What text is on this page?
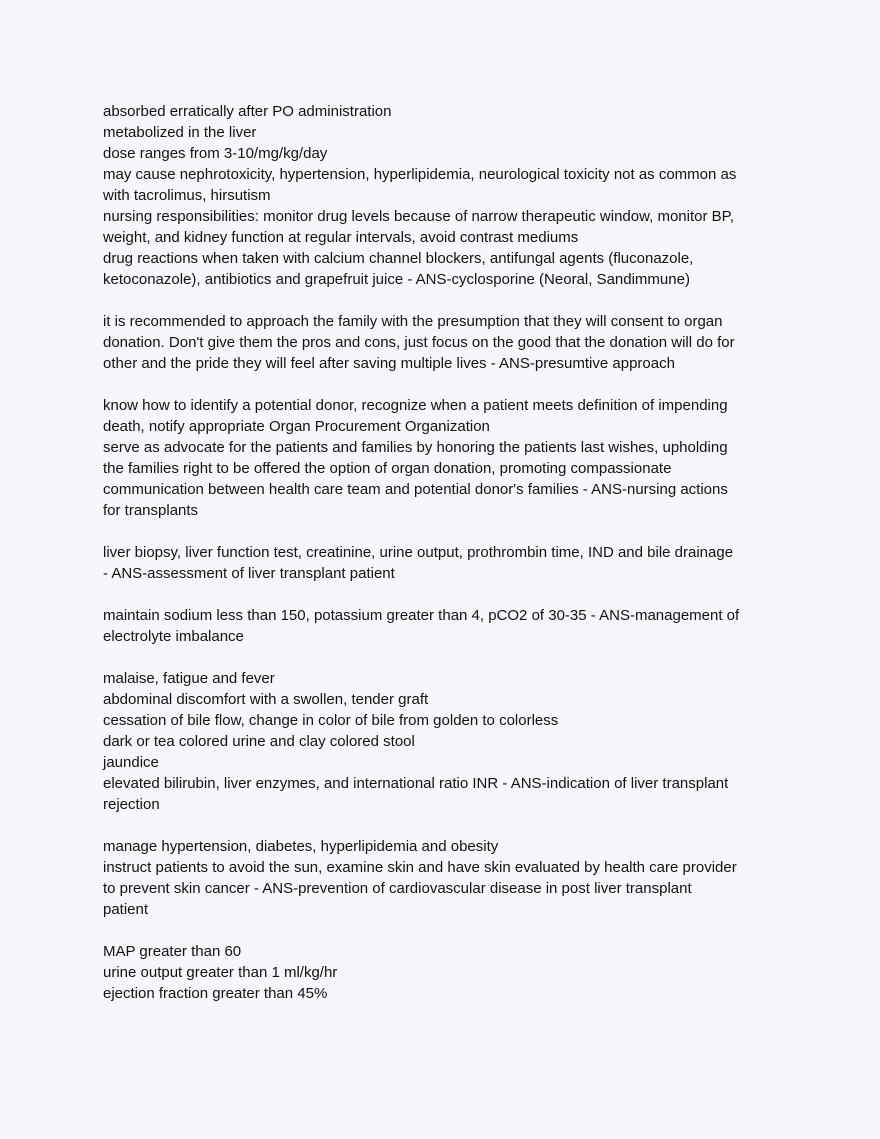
absorbed erratically after PO administration
metabolized in the liver
dose ranges from 3-10/mg/kg/day
may cause nephrotoxicity, hypertension, hyperlipidemia, neurological toxicity not as common as
with tacrolimus, hirsutism
nursing responsibilities: monitor drug levels because of narrow therapeutic window, monitor BP,
weight, and kidney function at regular intervals, avoid contrast mediums
drug reactions when taken with calcium channel blockers, antifungal agents (fluconazole,
ketoconazole), antibiotics and grapefruit juice - ANS-cyclosporine (Neoral, Sandimmune)
it is recommended to approach the family with the presumption that they will consent to organ
donation. Don't give them the pros and cons, just focus on the good that the donation will do for
other and the pride they will feel after saving multiple lives - ANS-presumtive approach
know how to identify a potential donor, recognize when a patient meets definition of impending
death, notify appropriate Organ Procurement Organization
serve as advocate for the patients and families by honoring the patients last wishes, upholding
the families right to be offered the option of organ donation, promoting compassionate
communication between health care team and potential donor's families - ANS-nursing actions
for transplants
liver biopsy, liver function test, creatinine, urine output, prothrombin time, IND and bile drainage
- ANS-assessment of liver transplant patient
maintain sodium less than 150, potassium greater than 4, pCO2 of 30-35 - ANS-management of
electrolyte imbalance
malaise, fatigue and fever
abdominal discomfort with a swollen, tender graft
cessation of bile flow, change in color of bile from golden to colorless
dark or tea colored urine and clay colored stool
jaundice
elevated bilirubin, liver enzymes, and international ratio INR - ANS-indication of liver transplant
rejection
manage hypertension, diabetes, hyperlipidemia and obesity
instruct patients to avoid the sun, examine skin and have skin evaluated by health care provider
to prevent skin cancer - ANS-prevention of cardiovascular disease in post liver transplant
patient
MAP greater than 60
urine output greater than 1 ml/kg/hr
ejection fraction greater than 45%
